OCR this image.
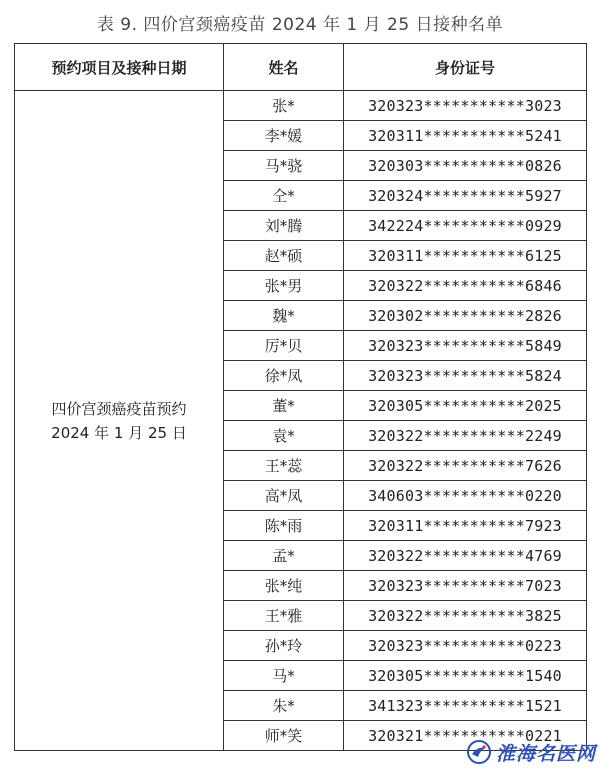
表 9. 四价宫颈癌疫苗 2024 年 1 月 25 日接种名单
预约项目及接种日期	姓名	身份证号

四价宫颈癌疫苗预约
2024 年 1 月 25 日	张*	320323***********3023
	李*媛	320311***********5241
	马*骁	320303***********0826
	仝*	320324***********5927
	刘*腾	342224***********0929
	赵*硕	320311***********6125
	张*男	320322***********6846
	魏*	320302***********2826
	厉*贝	320323***********5849
	徐*凤	320323***********5824
	董*	320305***********2025
	袁*	320322***********2249
	王*蕊	320322***********7626
	高*凤	340603***********0220
	陈*雨	320311***********7923
	孟*	320322***********4769
	张*纯	320323***********7023
	王*雅	320322***********3825
	孙*玲	320323***********0223
	马*	320305***********1540
	朱*	341323***********1521
	师*笑	320321***********0221
淮海名医网
